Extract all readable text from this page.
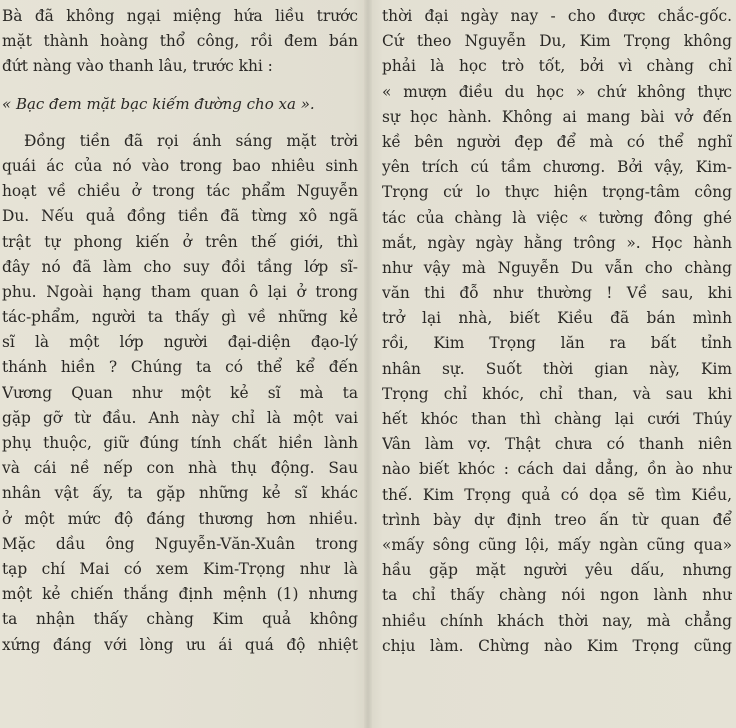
Bà đã không ngại miệng hứa liều trước
mặt thành hoàng thổ công, rồi đem bán
đứt nàng vào thanh lâu, trước khi :
« Bạc đem mặt bạc kiếm đường cho xa ».
Đồng tiền đã rọi ánh sáng mặt trời
quái ác của nó vào trong bao nhiêu sinh
hoạt về chiều ở trong tác phẩm Nguyễn
Du. Nếu quả đồng tiền đã từng xô ngã
trật tự phong kiến ở trên thế giới, thì
đây nó đã làm cho suy đồi tầng lớp sĩ-
phu. Ngoài hạng tham quan ô lại ở trong
tác-phẩm, người ta thấy gì về những kẻ
sĩ là một lớp người đại-diện đạo-lý
thánh hiền ? Chúng ta có thể kể đến
Vương Quan như một kẻ sĩ mà ta
gặp gỡ từ đầu. Anh này chỉ là một vai
phụ thuộc, giữ đúng tính chất hiền lành
và cái nề nếp con nhà thụ động. Sau
nhân vật ấy, ta gặp những kẻ sĩ khác
ở một mức độ đáng thương hơn nhiều.
Mặc dầu ông Nguyễn-Văn-Xuân trong
tạp chí Mai có xem Kim-Trọng như là
một kẻ chiến thắng định mệnh (1) nhưng
ta nhận thấy chàng Kim quả không
xứng đáng với lòng ưu ái quá độ nhiệt
thời đại ngày nay - cho được chắc-gốc.
Cứ theo Nguyễn Du, Kim Trọng không
phải là học trò tốt, bởi vì chàng chỉ
« mượn điều du học » chứ không thực
sự học hành. Không ai mang bài vở đến
kề bên người đẹp để mà có thể nghĩ
yên trích cú tầm chương. Bởi vậy, Kim-
Trọng cứ lo thực hiện trọng-tâm công
tác của chàng là việc « tường đông ghé
mắt, ngày ngày hằng trông ». Học hành
như vậy mà Nguyễn Du vẫn cho chàng
văn thi đỗ như thường ! Về sau, khi
trở lại nhà, biết Kiều đã bán mình
rồi, Kim Trọng lăn ra bất tỉnh
nhân sự. Suốt thời gian này, Kim
Trọng chỉ khóc, chỉ than, và sau khi
hết khóc than thì chàng lại cưới Thúy
Vân làm vợ. Thật chưa có thanh niên
nào biết khóc : cách dai dẳng, ồn ào như
thế. Kim Trọng quả có dọa sẽ tìm Kiều,
trình bày dự định treo ấn từ quan để
«mấy sông cũng lội, mấy ngàn cũng qua»
hầu gặp mặt người yêu dấu, nhưng
ta chỉ thấy chàng nói ngon lành như
nhiều chính khách thời nay, mà chẳng
chịu làm. Chừng nào Kim Trọng cũng
